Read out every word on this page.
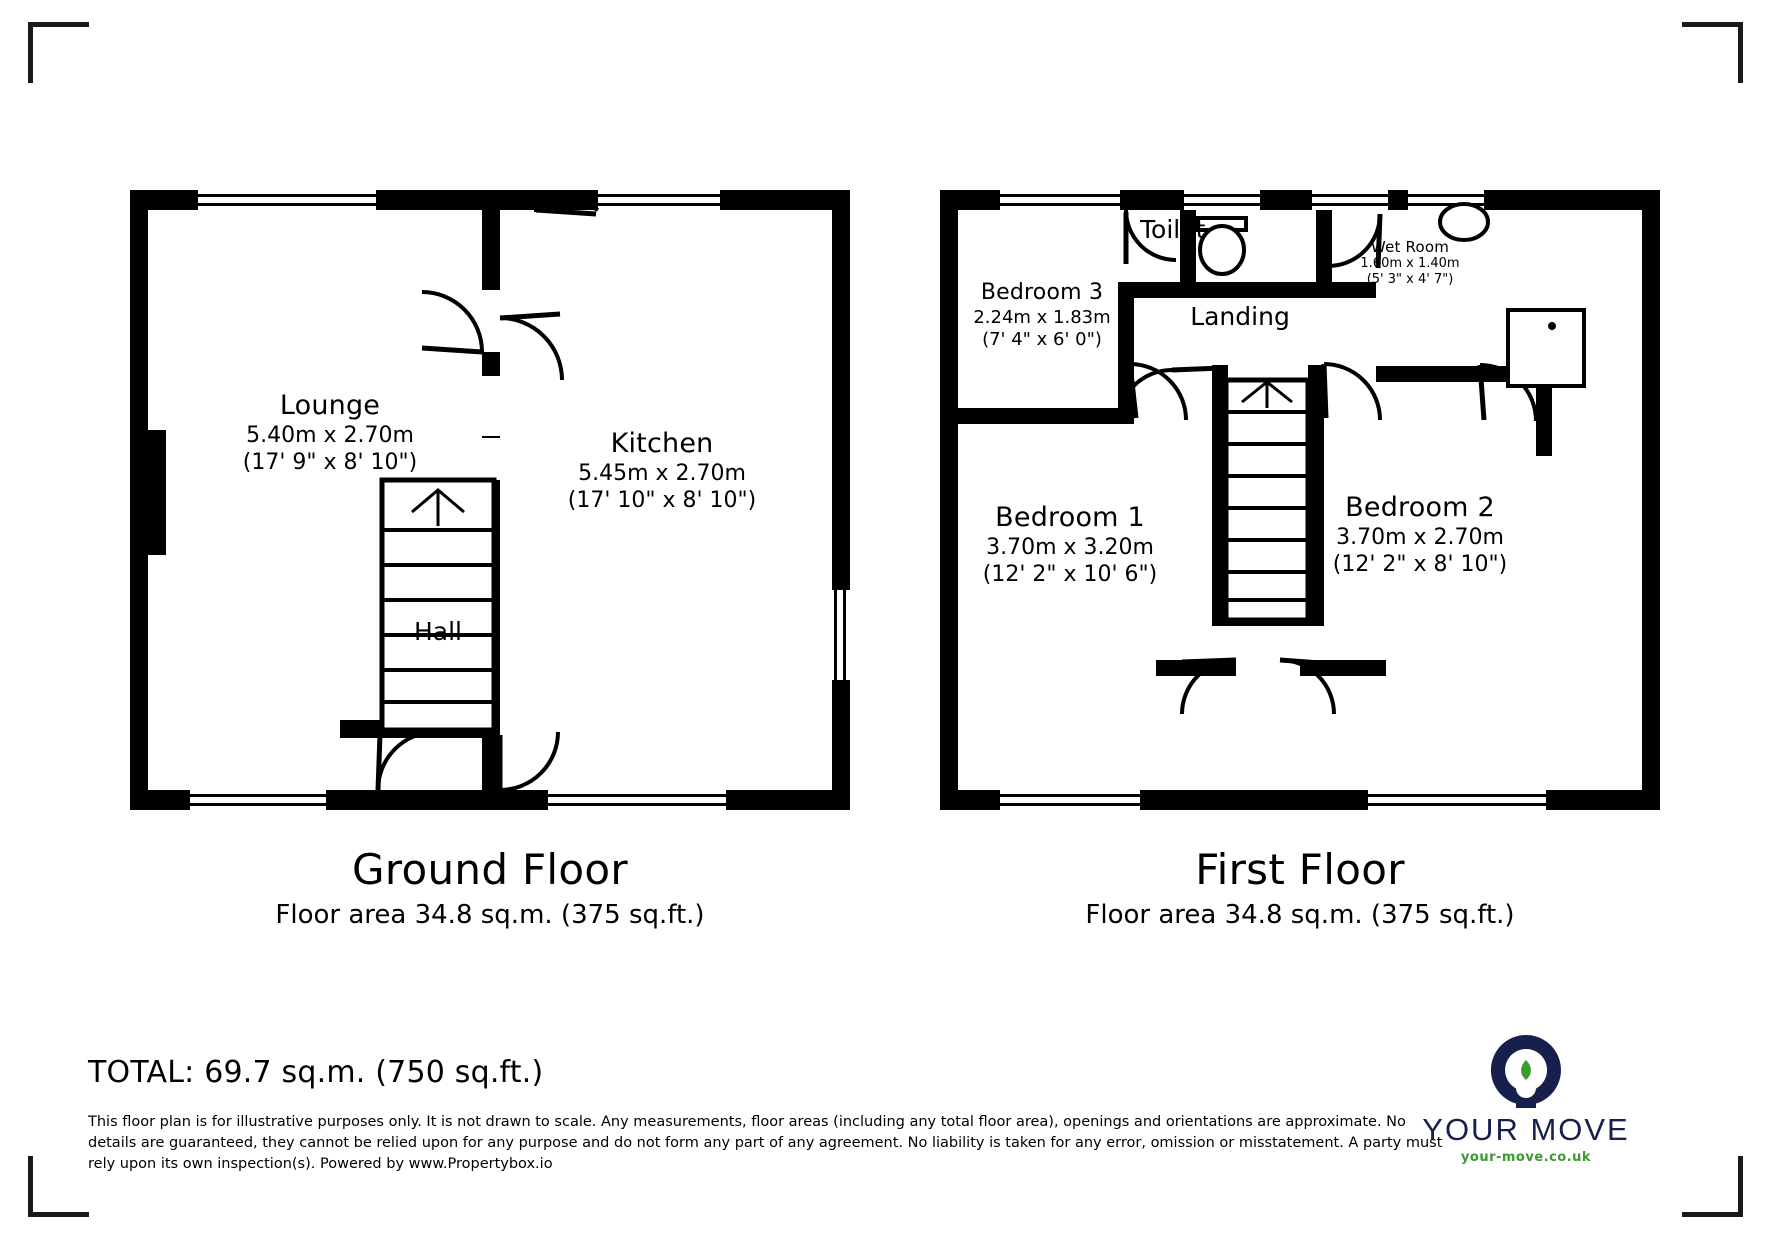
Lounge
5.40m x 2.70m
(17' 9" x 8' 10")
Kitchen
5.45m x 2.70m
(17' 10" x 8' 10")
Hall
Bedroom 3
2.24m x 1.83m
(7' 4" x 6' 0")
Toilet
Landing
Wet Room
1.60m x 1.40m
(5' 3" x 4' 7")
Bedroom 1
3.70m x 3.20m
(12' 2" x 10' 6")
Bedroom 2
3.70m x 2.70m
(12' 2" x 8' 10")
Ground Floor
Floor area 34.8 sq.m. (375 sq.ft.)
First Floor
Floor area 34.8 sq.m. (375 sq.ft.)
TOTAL: 69.7 sq.m. (750 sq.ft.)
This floor plan is for illustrative purposes only. It is not drawn to scale. Any measurements, floor areas (including any total floor area), openings and orientations are approximate. No details are guaranteed, they cannot be relied upon for any purpose and do not form any part of any agreement. No liability is taken for any error, omission or misstatement. A party must rely upon its own inspection(s). Powered by www.Propertybox.io
YOUR MOVE
your-move.co.uk
